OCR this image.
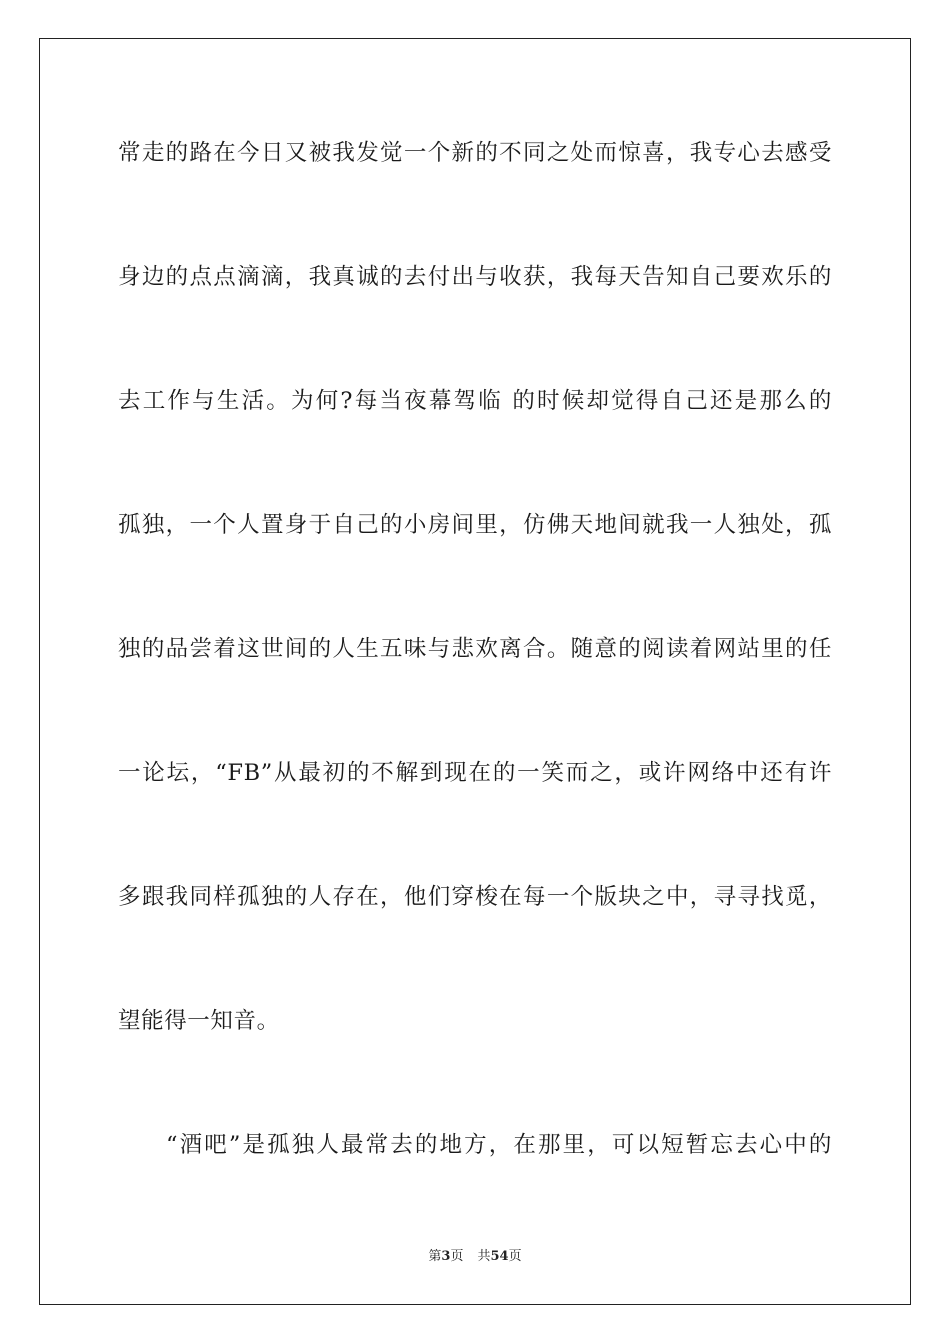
常走的路在今日又被我发觉一个新的不同之处而惊喜，我专心去感受
身边的点点滴滴，我真诚的去付出与收获，我每天告知自己要欢乐的
去工作与生活。为何?每当夜幕驾临 的时候却觉得自己还是那么的
孤独，一个人置身于自己的小房间里，仿佛天地间就我一人独处，孤
独的品尝着这世间的人生五味与悲欢离合。随意的阅读着网站里的任
一论坛，“FB”从最初的不解到现在的一笑而之，或许网络中还有许
多跟我同样孤独的人存在，他们穿梭在每一个版块之中，寻寻找觅，
望能得一知音。
“酒吧”是孤独人最常去的地方，在那里，可以短暂忘去心中的
第3页 共54页
